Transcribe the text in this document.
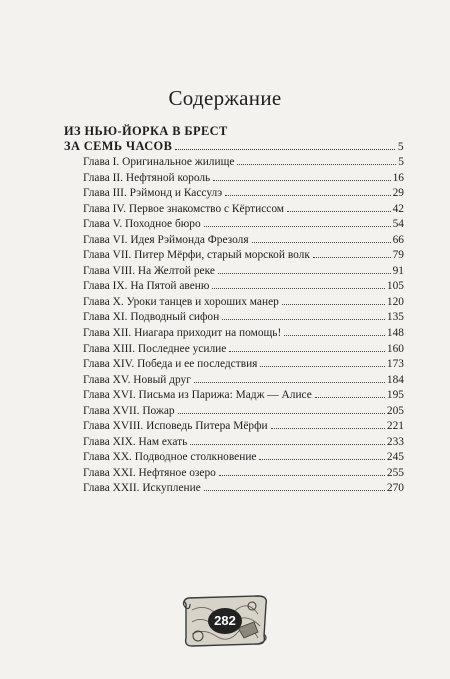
Содержание
ИЗ НЬЮ-ЙОРКА В БРЕСТ
ЗА СЕМЬ ЧАСОВ	5
Глава I. Оригинальное жилище	5
Глава II. Нефтяной король	16
Глава III. Рэймонд и Кассулэ	29
Глава IV. Первое знакомство с Кёртиссом	42
Глава V. Походное бюро	54
Глава VI. Идея Рэймонда Фрезоля	66
Глава VII. Питер Мёрфи, старый морской волк	79
Глава VIII. На Желтой реке	91
Глава IX. На Пятой авеню	105
Глава X. Уроки танцев и хороших манер	120
Глава XI. Подводный сифон	135
Глава XII. Ниагара приходит на помощь!	148
Глава XIII. Последнее усилие	160
Глава XIV. Победа и ее последствия	173
Глава XV. Новый друг	184
Глава XVI. Письма из Парижа: Мадж — Алисе	195
Глава XVII. Пожар	205
Глава XVIII. Исповедь Питера Мёрфи	221
Глава XIX. Нам ехать	233
Глава XX. Подводное столкновение	245
Глава XXI. Нефтяное озеро	255
Глава XXII. Искупление	270
282
